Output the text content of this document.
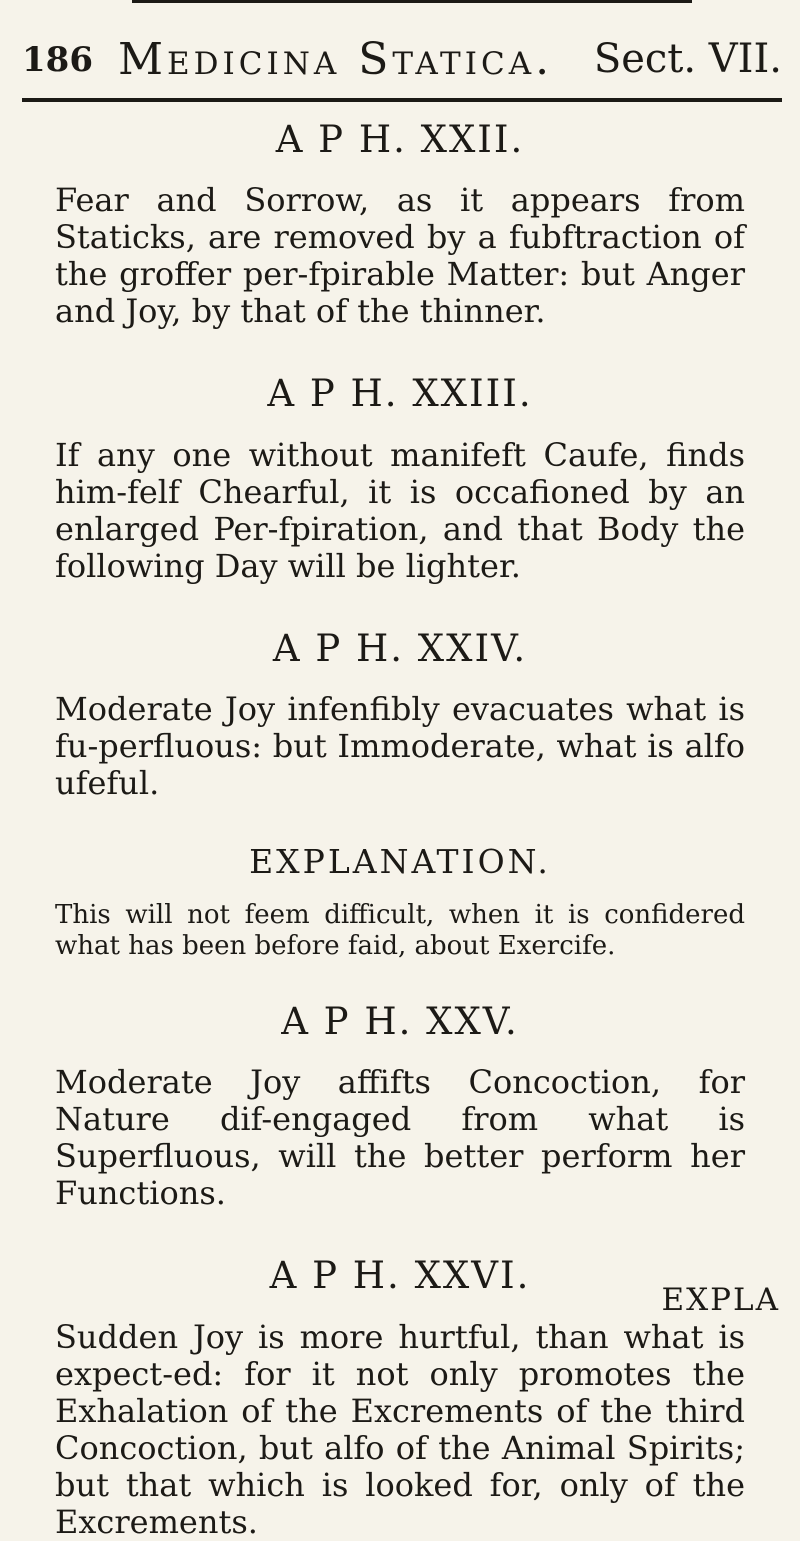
186 Medicina Statica. Sect. VII.

A P H. XXII.

Fear and Sorrow, as it appears from Staticks, are removed by a fubftraction of the groffer per-fpirable Matter: but Anger and Joy, by that of the thinner.

A P H. XXIII.

If any one without manifeft Caufe, finds him-felf Chearful, it is occafioned by an enlarged Per-fpiration, and that Body the following Day will be lighter.

A P H. XXIV.

Moderate Joy infenfibly evacuates what is fu-perfluous: but Immoderate, what is alfo ufeful.

EXPLANATION.

This will not feem difficult, when it is confidered what has been before faid, about Exercife.

A P H. XXV.

Moderate Joy affifts Concoction, for Nature dif-engaged from what is Superfluous, will the better perform her Functions.

A P H. XXVI.

Sudden Joy is more hurtful, than what is expect-ed: for it not only promotes the Exhalation of the Excrements of the third Concoction, but alfo of the Animal Spirits; but that which is looked for, only of the Excrements.

EXPLA
